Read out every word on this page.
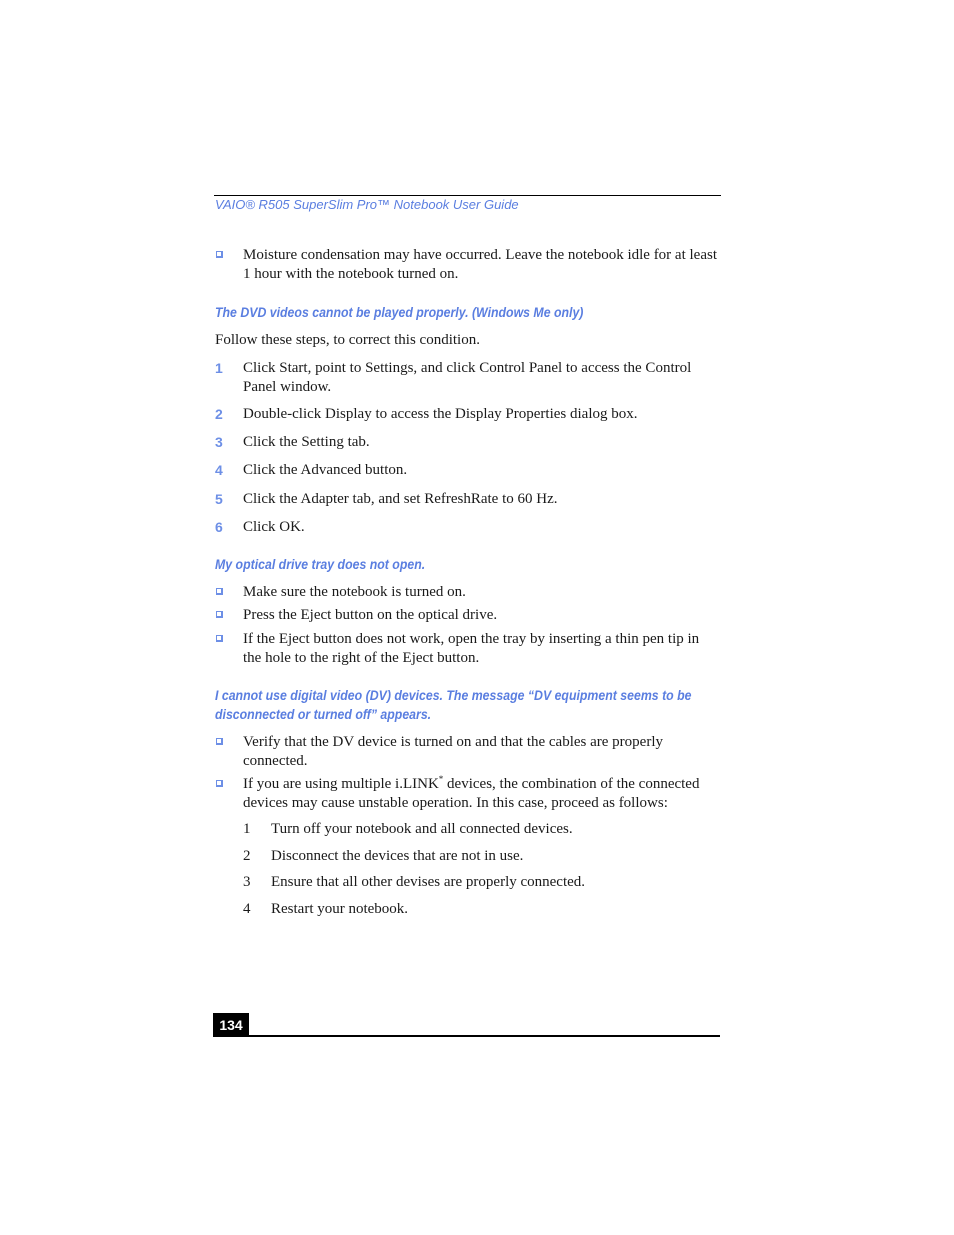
VAIO® R505 SuperSlim Pro™ Notebook User Guide
Moisture condensation may have occurred. Leave the notebook idle for at least 1 hour with the notebook turned on.
The DVD videos cannot be played properly. (Windows Me only)
Follow these steps, to correct this condition.
1 Click Start, point to Settings, and click Control Panel to access the Control Panel window.
2 Double-click Display to access the Display Properties dialog box.
3 Click the Setting tab.
4 Click the Advanced button.
5 Click the Adapter tab, and set RefreshRate to 60 Hz.
6 Click OK.
My optical drive tray does not open.
Make sure the notebook is turned on.
Press the Eject button on the optical drive.
If the Eject button does not work, open the tray by inserting a thin pen tip in the hole to the right of the Eject button.
I cannot use digital video (DV) devices. The message “DV equipment seems to be disconnected or turned off” appears.
Verify that the DV device is turned on and that the cables are properly connected.
If you are using multiple i.LINK* devices, the combination of the connected devices may cause unstable operation. In this case, proceed as follows:
1 Turn off your notebook and all connected devices.
2 Disconnect the devices that are not in use.
3 Ensure that all other devises are properly connected.
4 Restart your notebook.
134
